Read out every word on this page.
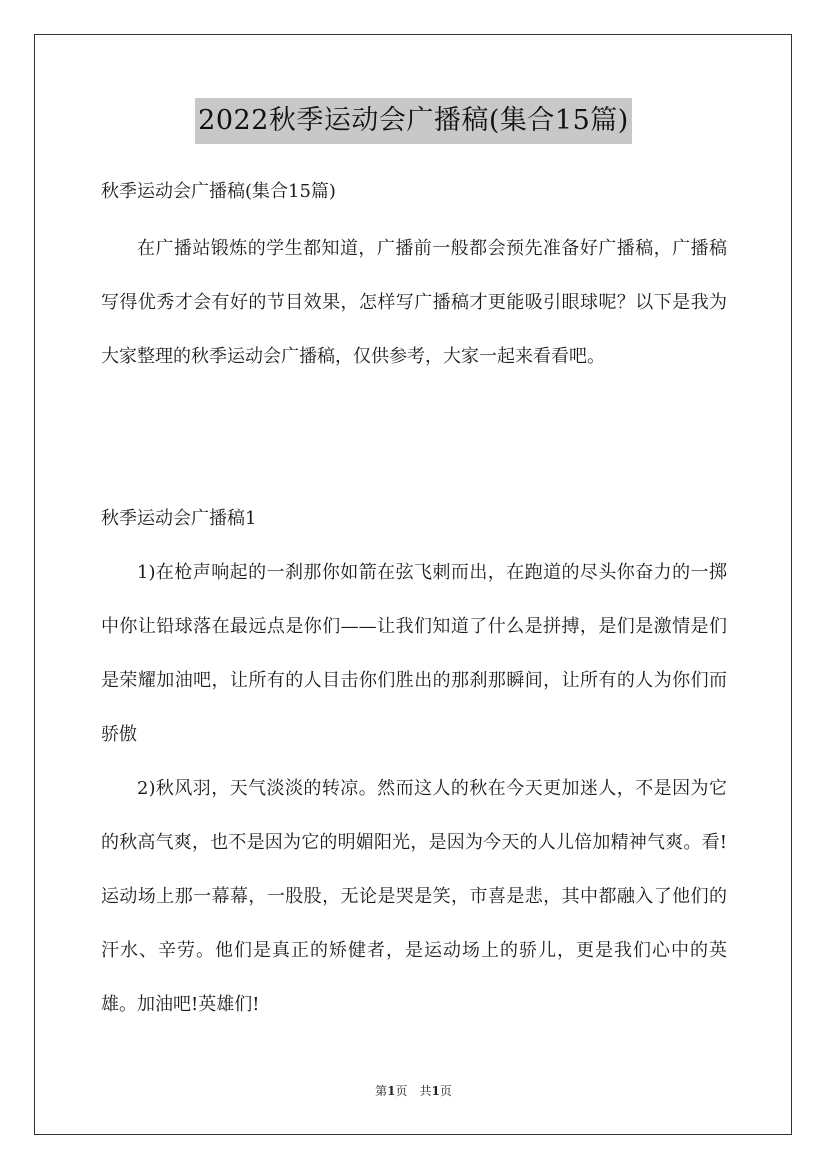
2022秋季运动会广播稿(集合15篇)
秋季运动会广播稿(集合15篇)

在广播站锻炼的学生都知道，广播前一般都会预先准备好广播稿，广播稿写得优秀才会有好的节目效果，怎样写广播稿才更能吸引眼球呢？以下是我为大家整理的秋季运动会广播稿，仅供参考，大家一起来看看吧。

秋季运动会广播稿1

1)在枪声响起的一刹那你如箭在弦飞刺而出，在跑道的尽头你奋力的一掷中你让铅球落在最远点是你们——让我们知道了什么是拼搏，是们是激情是们是荣耀加油吧，让所有的人目击你们胜出的那刹那瞬间，让所有的人为你们而骄傲

2)秋风羽，天气淡淡的转凉。然而这人的秋在今天更加迷人，不是因为它的秋高气爽，也不是因为它的明媚阳光，是因为今天的人儿倍加精神气爽。看!运动场上那一幕幕，一股股，无论是哭是笑，市喜是悲，其中都融入了他们的汗水、辛劳。他们是真正的矫健者，是运动场上的骄儿，更是我们心中的英雄。加油吧!英雄们!

第1页　共1页
